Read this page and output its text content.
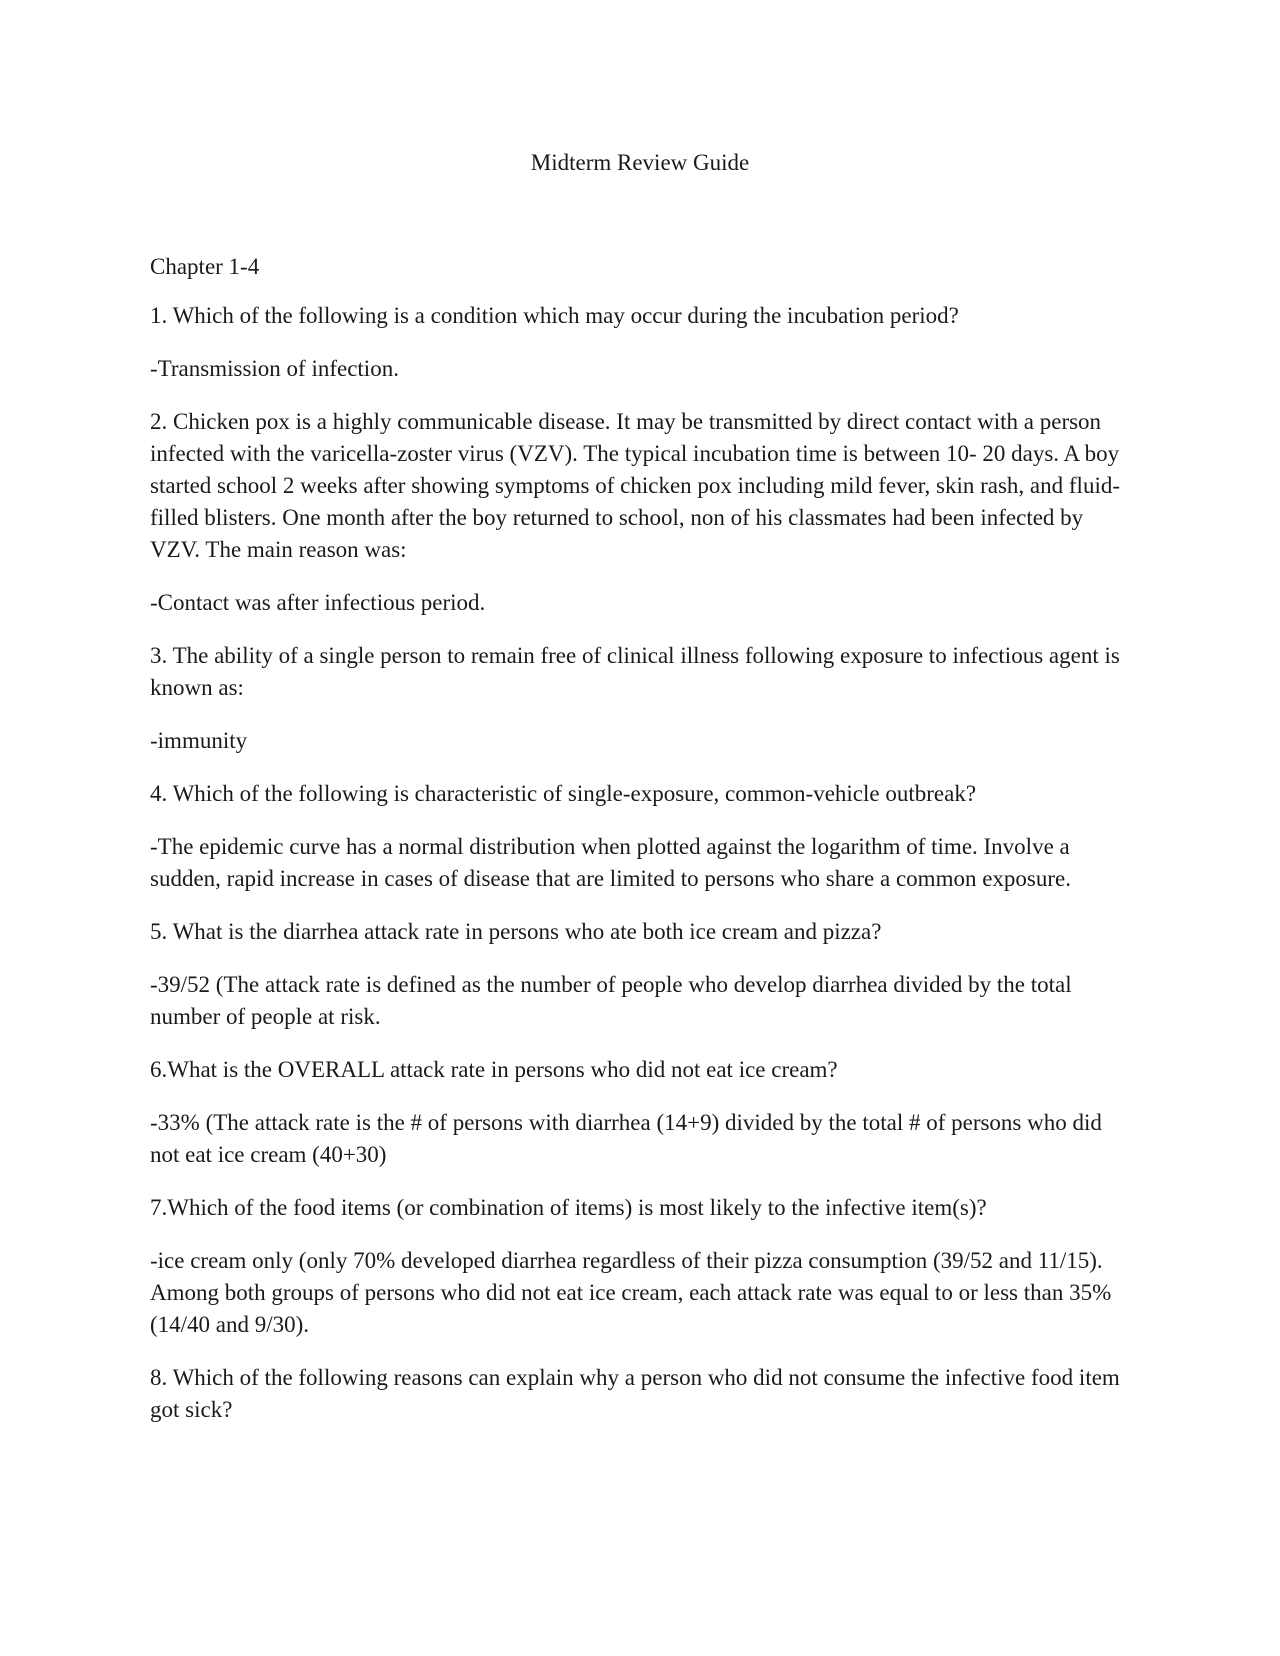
Midterm Review Guide

Chapter 1-4

1. Which of the following is a condition which may occur during the incubation period?

-Transmission of infection.

2. Chicken pox is a highly communicable disease. It may be transmitted by direct contact with a person infected with the varicella-zoster virus (VZV). The typical incubation time is between 10- 20 days. A boy started school 2 weeks after showing symptoms of chicken pox including mild fever, skin rash, and fluid-filled blisters. One month after the boy returned to school, non of his classmates had been infected by VZV. The main reason was:

-Contact was after infectious period.

3. The ability of a single person to remain free of clinical illness following exposure to infectious agent is known as:

-immunity

4. Which of the following is characteristic of single-exposure, common-vehicle outbreak?

-The epidemic curve has a normal distribution when plotted against the logarithm of time. Involve a sudden, rapid increase in cases of disease that are limited to persons who share a common exposure.

5. What is the diarrhea attack rate in persons who ate both ice cream and pizza?

-39/52 (The attack rate is defined as the number of people who develop diarrhea divided by the total number of people at risk.

6.What is the OVERALL attack rate in persons who did not eat ice cream?

-33% (The attack rate is the # of persons with diarrhea (14+9) divided by the total # of persons who did not eat ice cream (40+30)

7.Which of the food items (or combination of items) is most likely to the infective item(s)?

-ice cream only (only 70% developed diarrhea regardless of their pizza consumption (39/52 and 11/15). Among both groups of persons who did not eat ice cream, each attack rate was equal to or less than 35% (14/40 and 9/30).

8. Which of the following reasons can explain why a person who did not consume the infective food item got sick?
